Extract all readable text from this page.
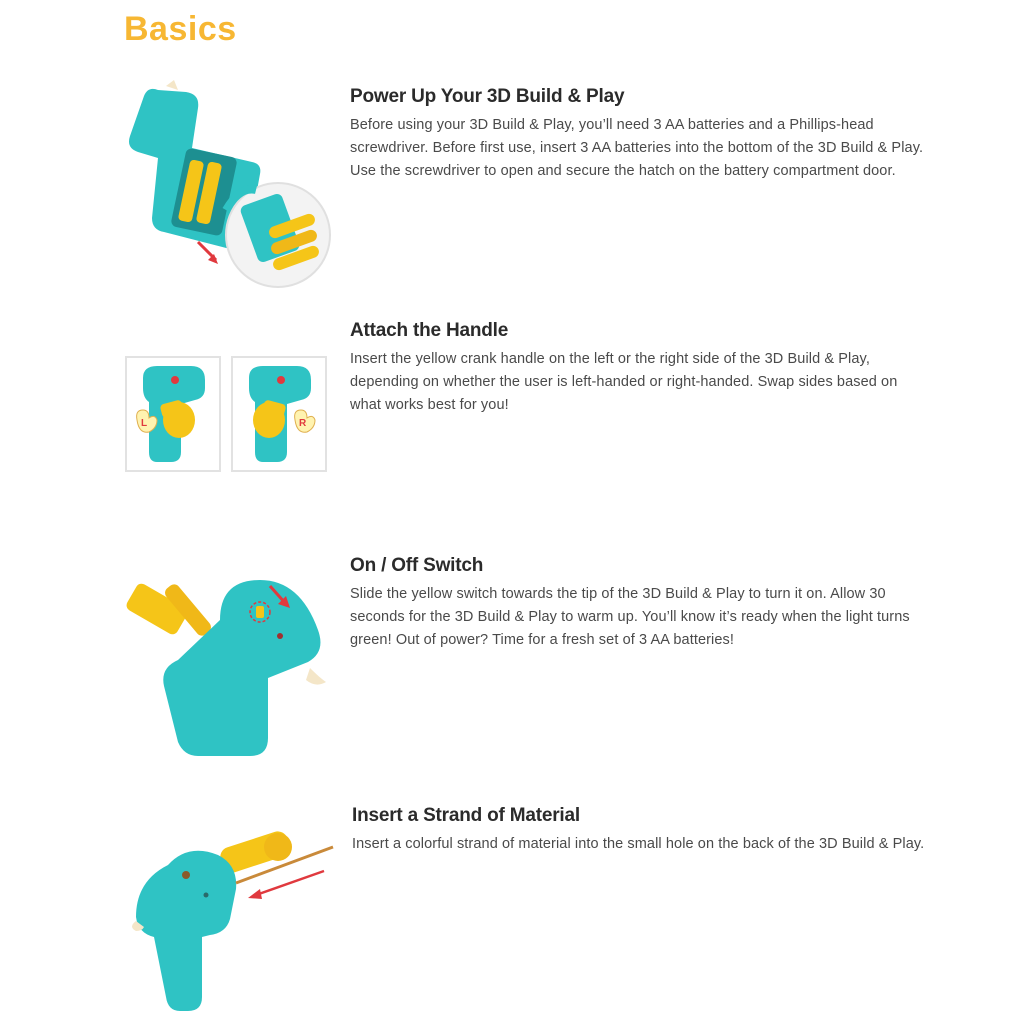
Basics
Power Up Your 3D Build & Play

Before using your 3D Build & Play, you’ll need 3 AA batteries and a Phillips-head screwdriver. Before first use, insert 3 AA batteries into the bottom of the 3D Build & Play. Use the screwdriver to open and secure the hatch on the battery compartment door.

L	R
Attach the Handle

Insert the yellow crank handle on the left or the right side of the 3D Build & Play, depending on whether the user is left-handed or right-handed. Swap sides based on what works best for you!

On / Off Switch

Slide the yellow switch towards the tip of the 3D Build & Play to turn it on. Allow 30 seconds for the 3D Build & Play to warm up. You’ll know it’s ready when the light turns green! Out of power? Time for a fresh set of 3 AA batteries!

Insert a Strand of Material

Insert a colorful strand of material into the small hole on the back of the 3D Build & Play.
